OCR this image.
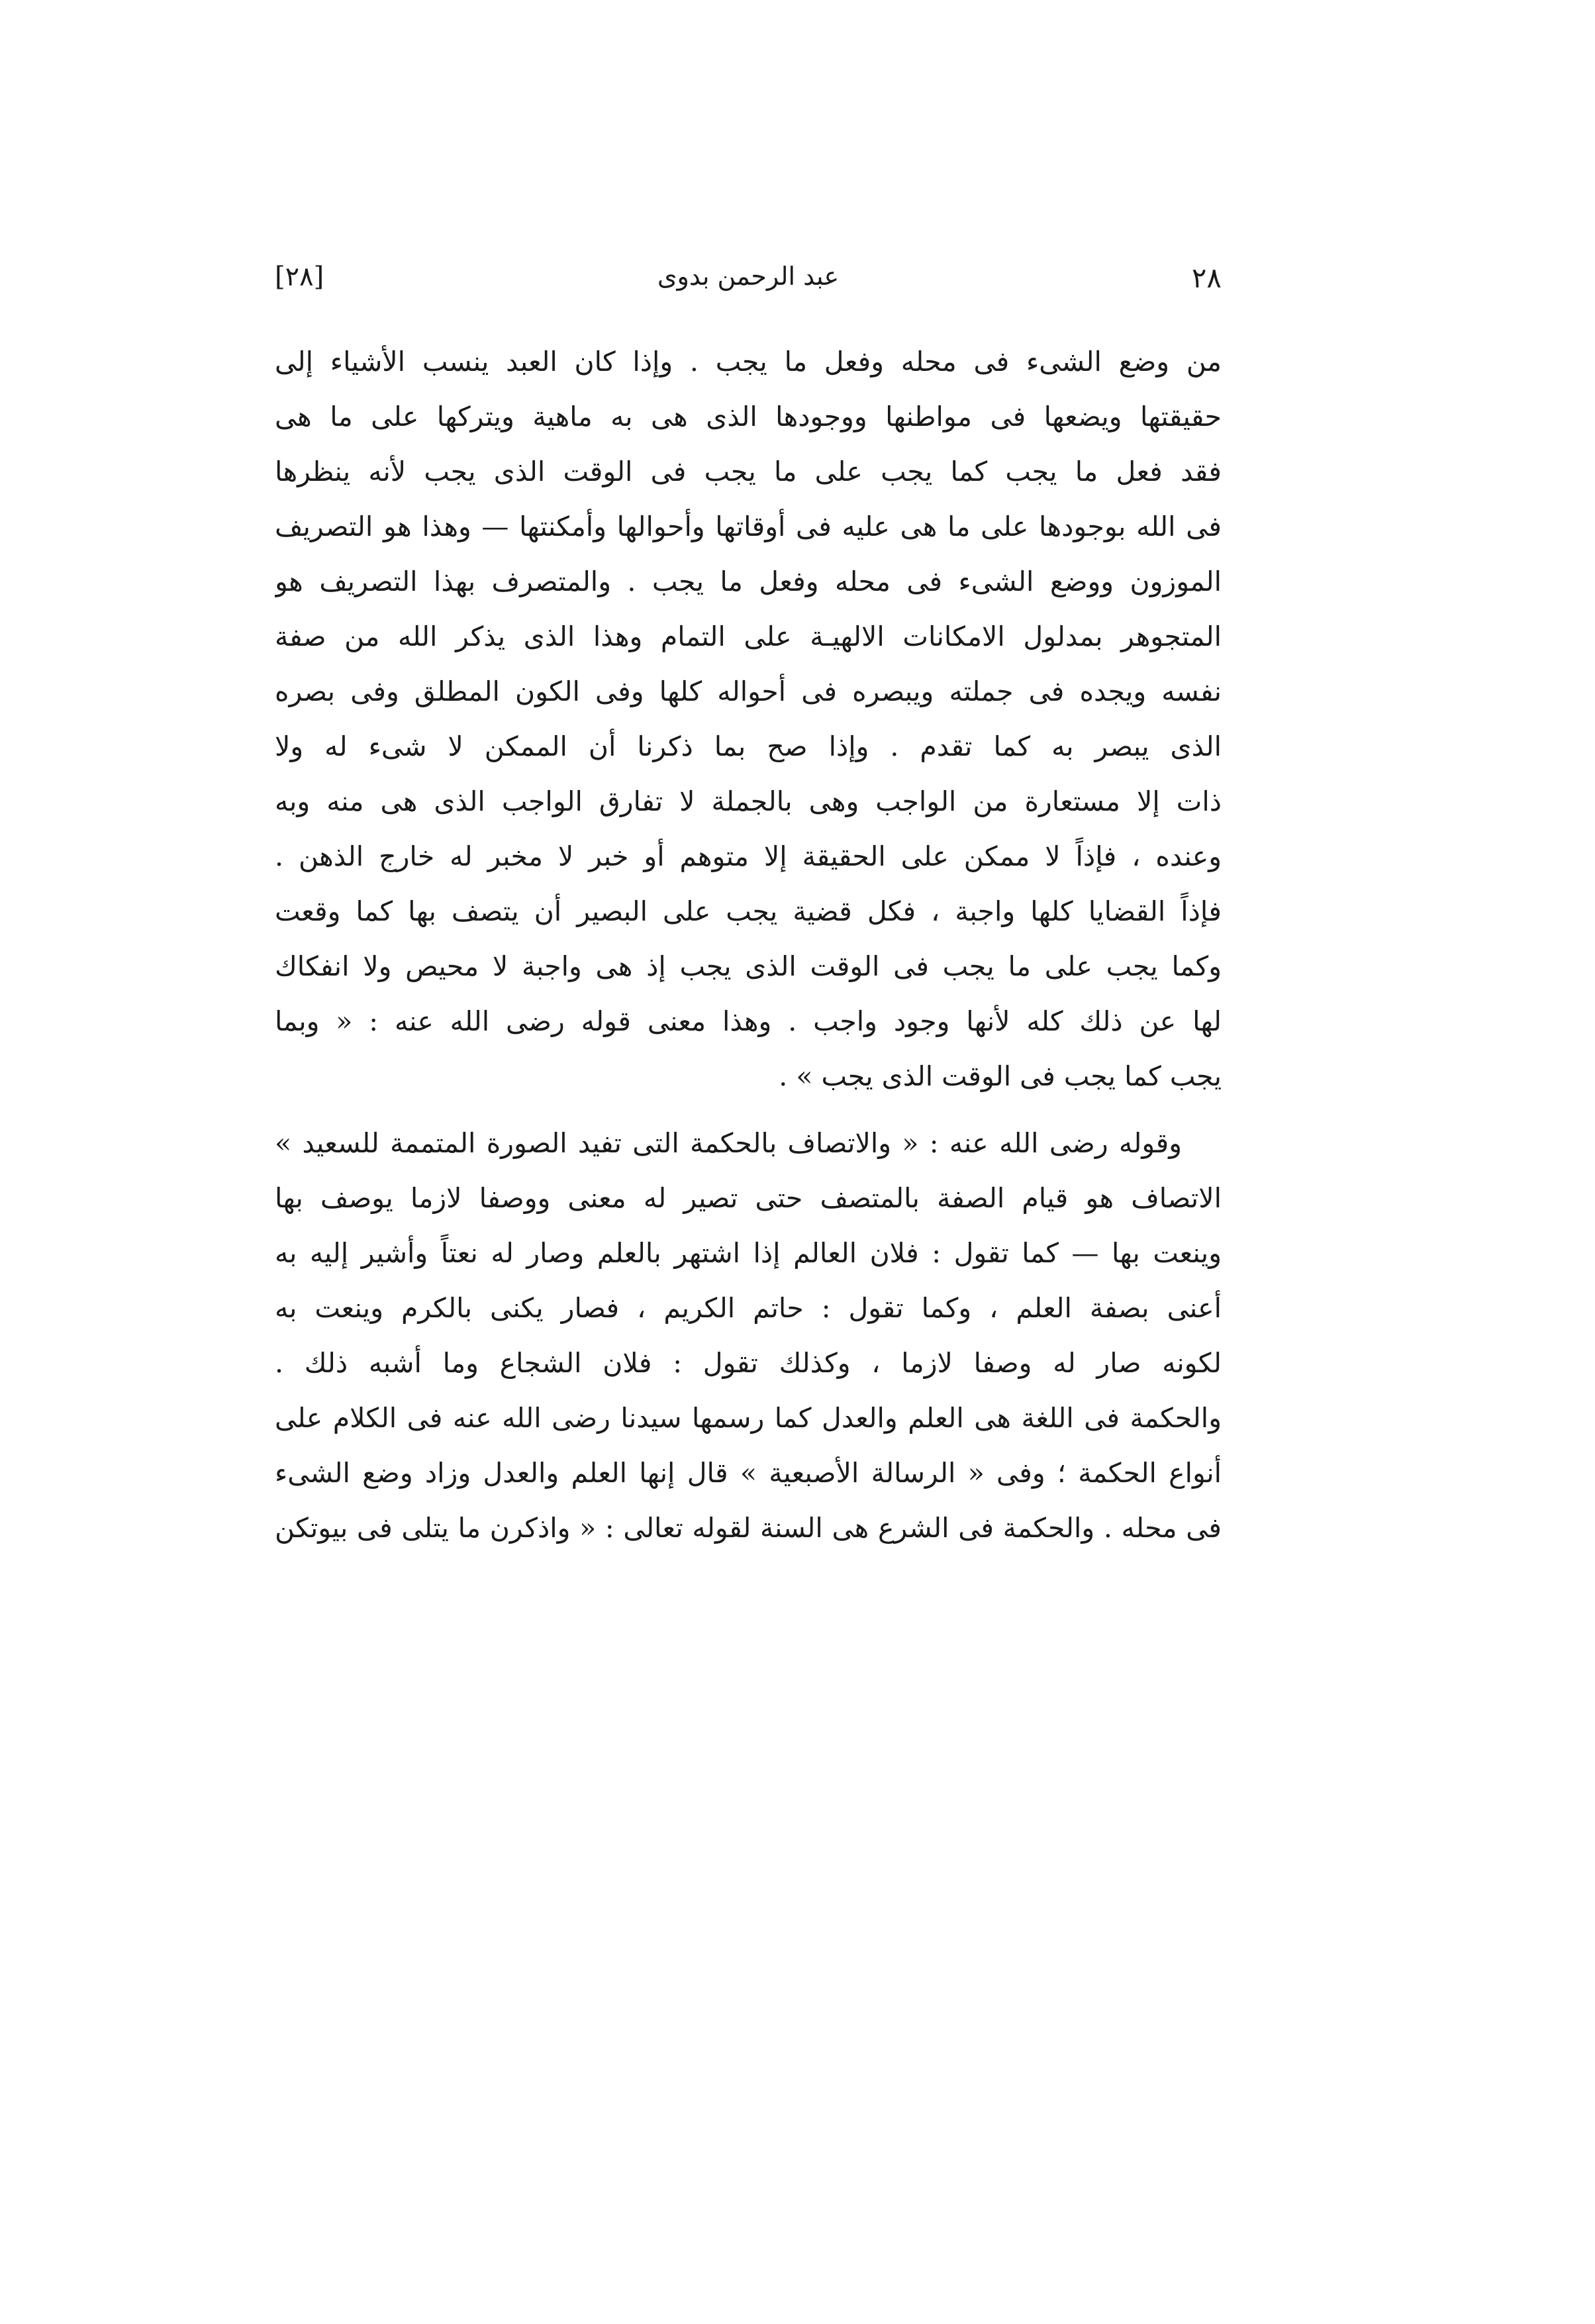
[٢٨]	عبد الرحمن بدوى	٢٨
من وضع الشىء فى محله وفعل ما يجب . وإذا كان العبد ينسب الأشياء إلى
حقيقتها ويضعها فى مواطنها ووجودها الذى هى به ماهية ويتركها على ما هى
فقد فعل ما يجب كما يجب على ما يجب فى الوقت الذى يجب لأنه ينظرها
فى الله بوجودها على ما هى عليه فى أوقاتها وأحوالها وأمكنتها — وهذا هو التصريف
الموزون ووضع الشىء فى محله وفعل ما يجب . والمتصرف بهذا التصريف هو
المتجوهر بمدلول الامكانات الالهيـة على التمام وهذا الذى يذكر الله من صفة
نفسه ويجده فى جملته ويبصره فى أحواله كلها وفى الكون المطلق وفى بصره
الذى يبصر به كما تقدم . وإذا صح بما ذكرنا أن الممكن لا شىء له ولا
ذات إلا مستعارة من الواجب وهى بالجملة لا تفارق الواجب الذى هى منه وبه
وعنده ، فإذاً لا ممكن على الحقيقة إلا متوهم أو خبر لا مخبر له خارج الذهن .
فإذاً القضايا كلها واجبة ، فكل قضية يجب على البصير أن يتصف بها كما وقعت
وكما يجب على ما يجب فى الوقت الذى يجب إذ هى واجبة لا محيص ولا انفكاك
لها عن ذلك كله لأنها وجود واجب . وهذا معنى قوله رضى الله عنه : « وبما
يجب كما يجب فى الوقت الذى يجب » .
وقوله رضى الله عنه : « والاتصاف بالحكمة التى تفيد الصورة المتممة للسعيد »
الاتصاف هو قيام الصفة بالمتصف حتى تصير له معنى ووصفا لازما يوصف بها
وينعت بها — كما تقول : فلان العالم إذا اشتهر بالعلم وصار له نعتاً وأشير إليه به
أعنى بصفة العلم ، وكما تقول : حاتم الكريم ، فصار يكنى بالكرم وينعت به
لكونه صار له وصفا لازما ، وكذلك تقول : فلان الشجاع وما أشبه ذلك .
والحكمة فى اللغة هى العلم والعدل كما رسمها سيدنا رضى الله عنه فى الكلام على
أنواع الحكمة ؛ وفى « الرسالة الأصبعية » قال إنها العلم والعدل وزاد وضع الشىء
فى محله . والحكمة فى الشرع هى السنة لقوله تعالى : « واذكرن ما يتلى فى بيوتكن
